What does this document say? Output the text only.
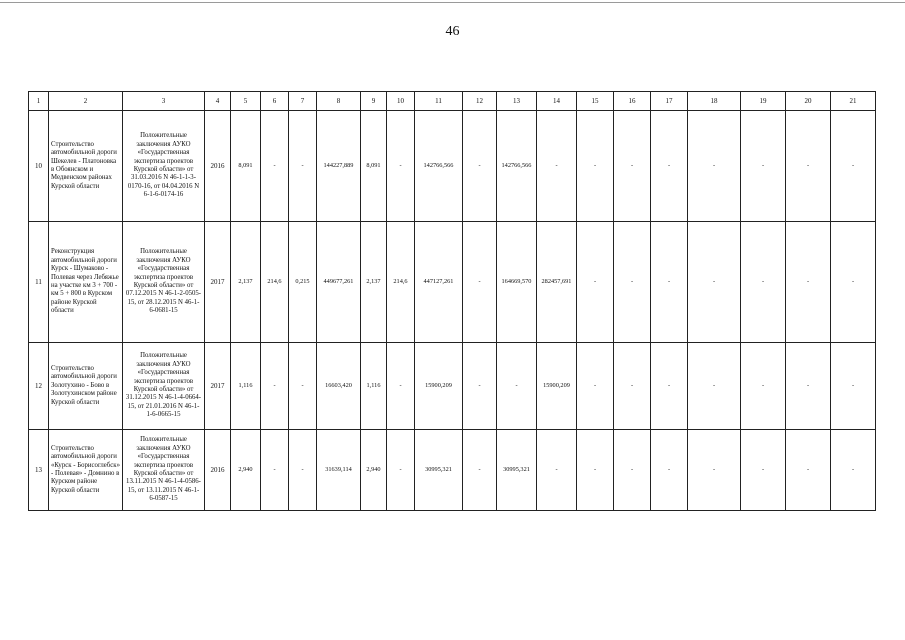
46
1	2	3	4	5	6	7	8	9	10	11	12	13	14	15	16	17	18	19	20	21
10	Строительство автомобильной дороги Шекелев - Платоновка в Обоянском и Медвенском районах Курской области	Положительные заключения АУКО «Государственная экспертиза проектов Курской области» от 31.03.2016 N 46-1-1-3-0170-16, от 04.04.2016 N 6-1-6-0174-16	2016	8,091	-	-	144227,889	8,091	-	142766,566	-	142766,566	-	-	-	-	-	-	-	-
11	Реконструкция автомобильной дороги Курск - Шумаково - Полевая через Лебяжье на участке км 3 + 700 - км 5 + 800 в Курском районе Курской области	Положительные заключения АУКО «Государственная экспертиза проектов Курской области» от 07.12.2015 N 46-1-2-0505-15, от 28.12.2015 N 46-1-6-0681-15	2017	2,137	214,6	0,215	449677,261	2,137	214,6	447127,261	-	164669,570	282457,691	-	-	-	-	-	-	-
12	Строительство автомобильной дороги Золотухино - Бово в Золотухинском районе Курской области	Положительные заключения АУКО «Государственная экспертиза проектов Курской области» от 31.12.2015 N 46-1-4-0664-15, от 21.01.2016 N 46-1-1-6-0665-15	2017	1,116	-	-	16603,420	1,116	-	15900,209	-	-	15900,209	-	-	-	-	-	-	-
13	Строительство автомобильной дороги «Курск - Борисоглебск» - Полевая» - Домнино в Курском районе Курской области	Положительные заключения АУКО «Государственная экспертиза проектов Курской области» от 13.11.2015 N 46-1-4-0586-15, от 13.11.2015 N 46-1-6-0587-15	2016	2,940	-	-	31639,114	2,940	-	30995,321	-	30995,321	-	-	-	-	-	-	-	-
